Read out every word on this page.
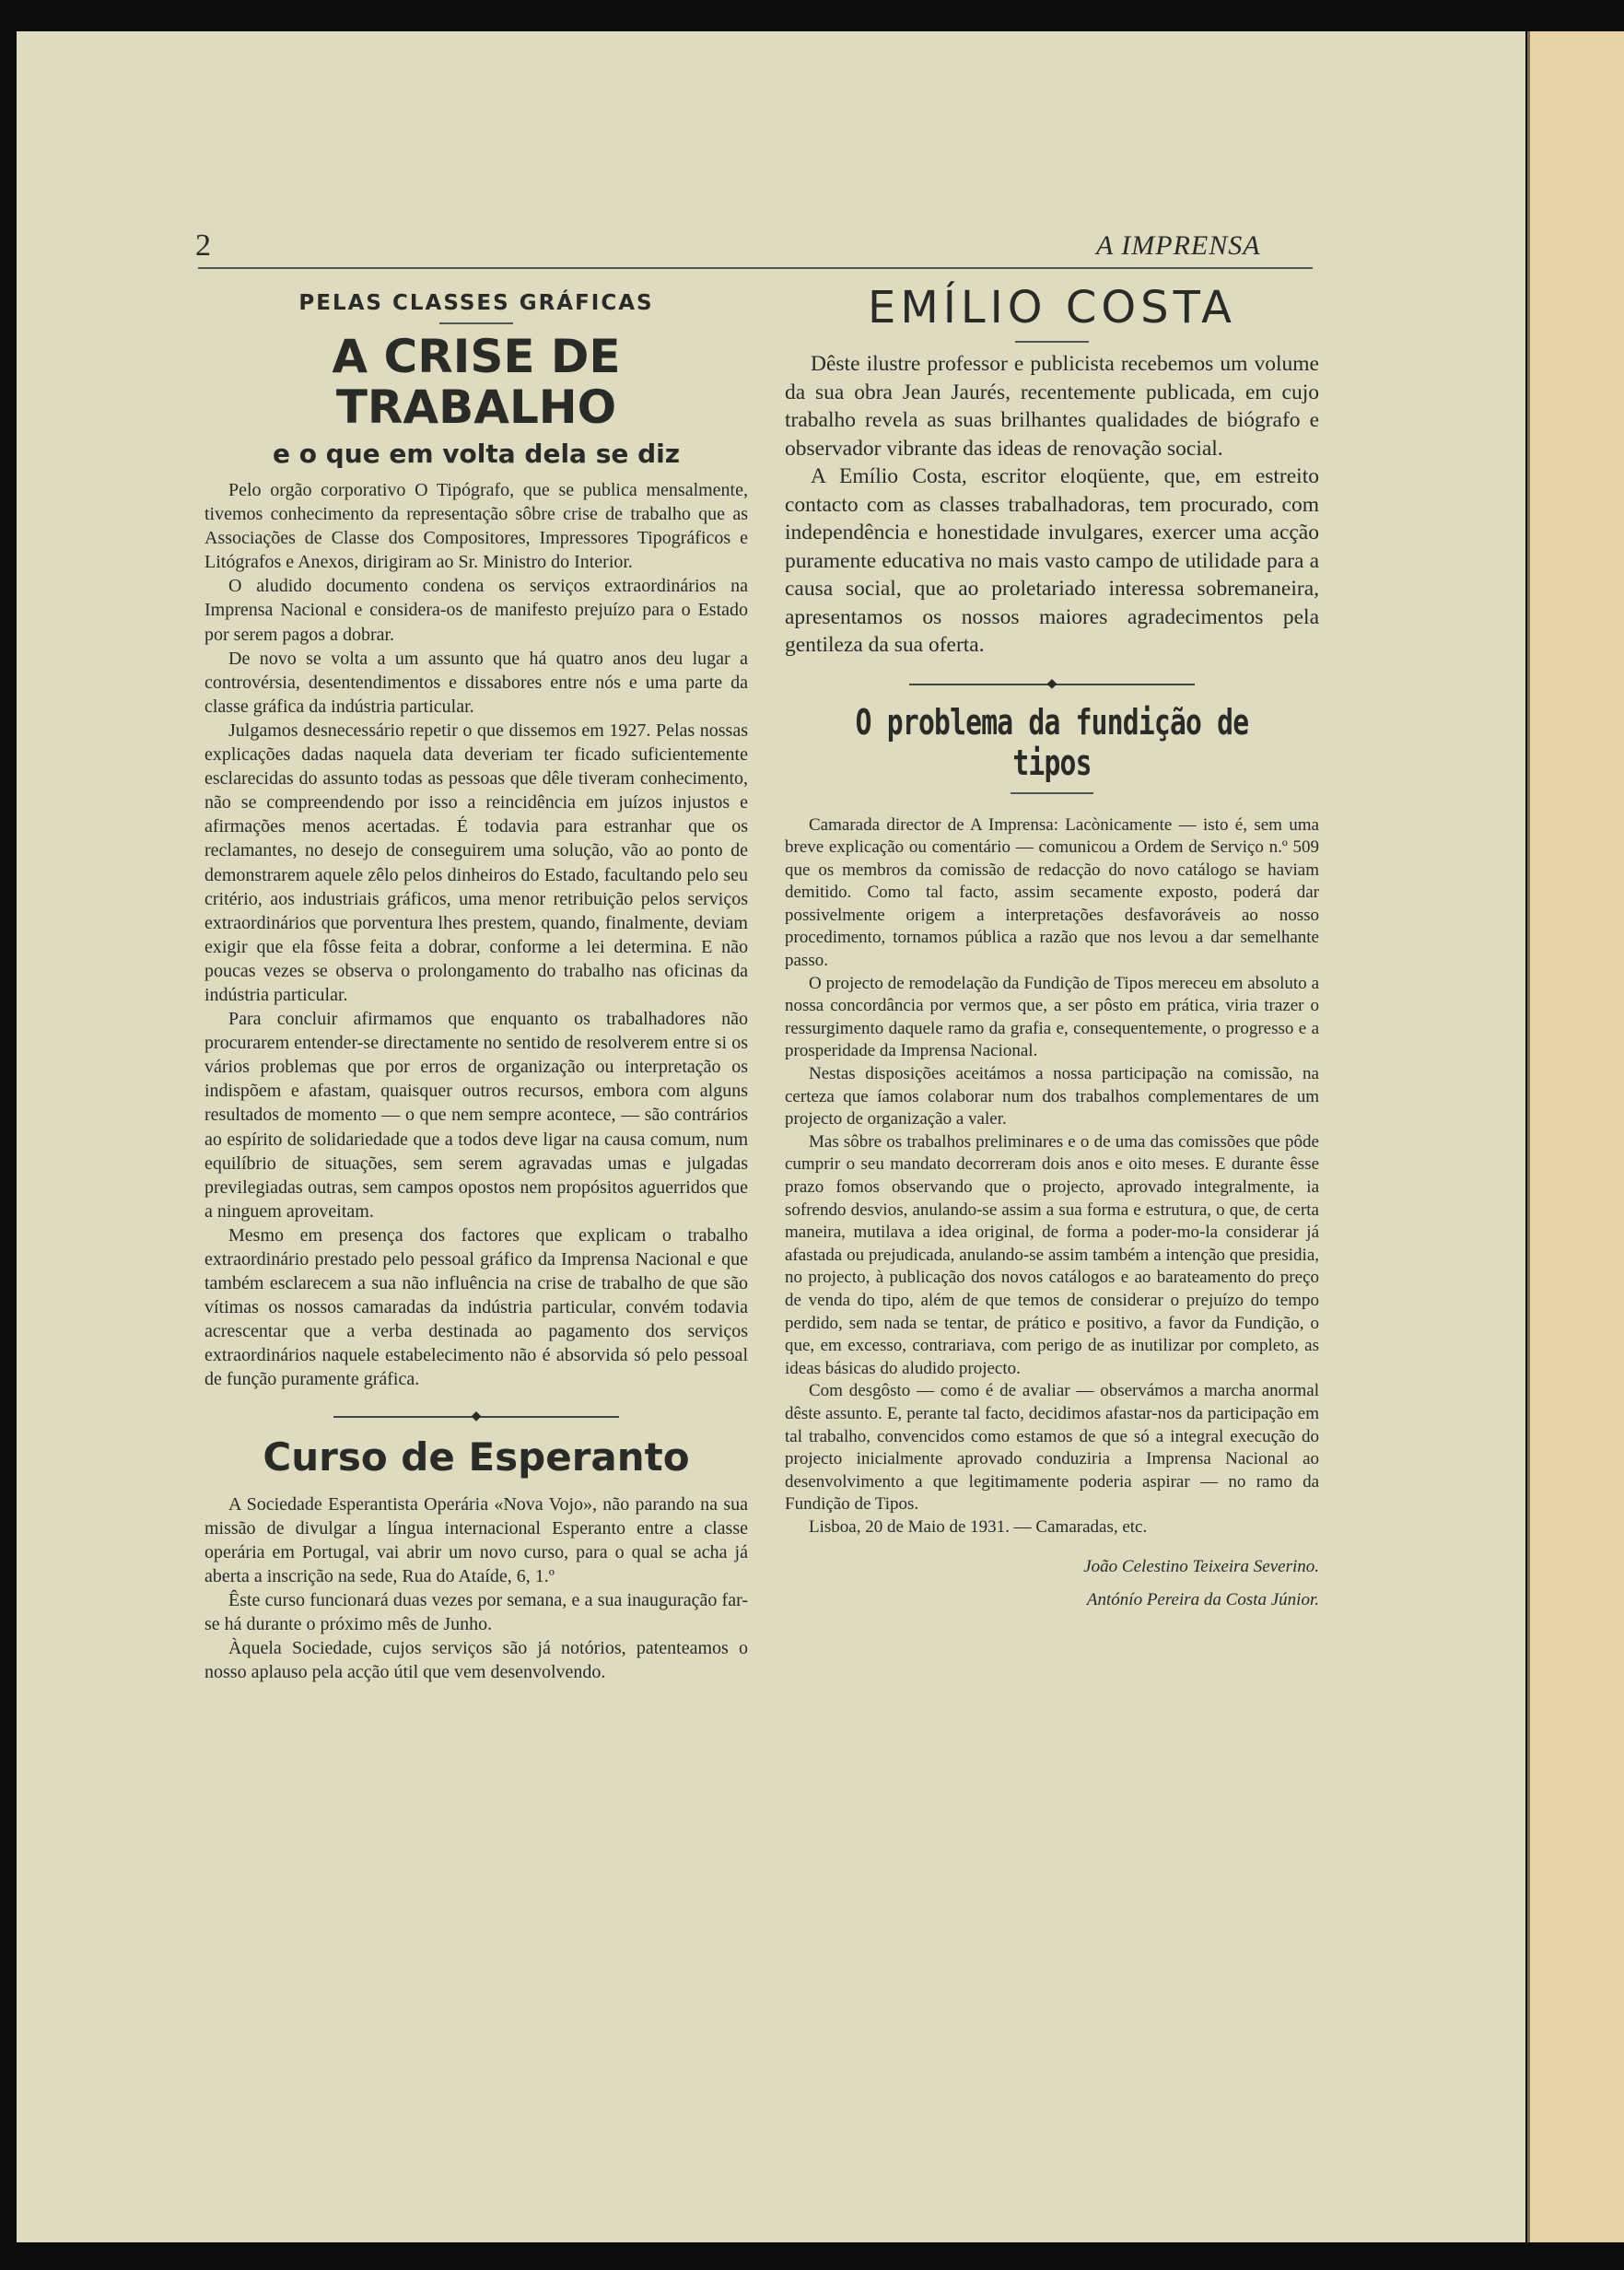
2	A IMPRENSA
PELAS CLASSES GRÁFICAS
A CRISE DE TRABALHO
e o que em volta dela se diz

Pelo orgão corporativo O Tipógrafo, que se publica mensalmente, tivemos conhecimento da representação sôbre crise de trabalho que as Associações de Classe dos Compositores, Impressores Tipográficos e Litógrafos e Anexos, dirigiram ao Sr. Ministro do Interior.

O aludido documento condena os serviços extraordinários na Imprensa Nacional e considera-os de manifesto prejuízo para o Estado por serem pagos a dobrar.

De novo se volta a um assunto que há quatro anos deu lugar a controvérsia, desentendimentos e dissabores entre nós e uma parte da classe gráfica da indústria particular.

Julgamos desnecessário repetir o que dissemos em 1927. Pelas nossas explicações dadas naquela data deveriam ter ficado suficientemente esclarecidas do assunto todas as pessoas que dêle tiveram conhecimento, não se compreendendo por isso a reincidência em juízos injustos e afirmações menos acertadas. É todavia para estranhar que os reclamantes, no desejo de conseguirem uma solução, vão ao ponto de demonstrarem aquele zêlo pelos dinheiros do Estado, facultando pelo seu critério, aos industriais gráficos, uma menor retribuição pelos serviços extraordinários que porventura lhes prestem, quando, finalmente, deviam exigir que ela fôsse feita a dobrar, conforme a lei determina. E não poucas vezes se observa o prolongamento do trabalho nas oficinas da indústria particular.

Para concluir afirmamos que enquanto os trabalhadores não procurarem entender-se directamente no sentido de resolverem entre si os vários problemas que por erros de organização ou interpretação os indispõem e afastam, quaisquer outros recursos, embora com alguns resultados de momento — o que nem sempre acontece, — são contrários ao espírito de solidariedade que a todos deve ligar na causa comum, num equilíbrio de situações, sem serem agravadas umas e julgadas previlegiadas outras, sem campos opostos nem propósitos aguerridos que a ninguem aproveitam.

Mesmo em presença dos factores que explicam o trabalho extraordinário prestado pelo pessoal gráfico da Imprensa Nacional e que também esclarecem a sua não influência na crise de trabalho de que são vítimas os nossos camaradas da indústria particular, convém todavia acrescentar que a verba destinada ao pagamento dos serviços extraordinários naquele estabelecimento não é absorvida só pelo pessoal de função puramente gráfica.

◆
Curso de Esperanto

A Sociedade Esperantista Operária «Nova Vojo», não parando na sua missão de divulgar a língua internacional Esperanto entre a classe operária em Portugal, vai abrir um novo curso, para o qual se acha já aberta a inscrição na sede, Rua do Ataíde, 6, 1.º

Êste curso funcionará duas vezes por semana, e a sua inauguração far-se há durante o próximo mês de Junho.

Àquela Sociedade, cujos serviços são já notórios, patenteamos o nosso aplauso pela acção útil que vem desenvolvendo.

EMÍLIO COSTA

Dêste ilustre professor e publicista recebemos um volume da sua obra Jean Jaurés, recentemente publicada, em cujo trabalho revela as suas brilhantes qualidades de biógrafo e observador vibrante das ideas de renovação social.

A Emílio Costa, escritor eloqüente, que, em estreito contacto com as classes trabalhadoras, tem procurado, com independência e honestidade invulgares, exercer uma acção puramente educativa no mais vasto campo de utilidade para a causa social, que ao proletariado interessa sobremaneira, apresentamos os nossos maiores agradecimentos pela gentileza da sua oferta.

◆
O problema da fundição de tipos

Camarada director de A Imprensa: Lacònicamente — isto é, sem uma breve explicação ou comentário — comunicou a Ordem de Serviço n.º 509 que os membros da comissão de redacção do novo catálogo se haviam demitido. Como tal facto, assim secamente exposto, poderá dar possivelmente origem a interpretações desfavoráveis ao nosso procedimento, tornamos pública a razão que nos levou a dar semelhante passo.

O projecto de remodelação da Fundição de Tipos mereceu em absoluto a nossa concordância por vermos que, a ser pôsto em prática, viria trazer o ressurgimento daquele ramo da grafia e, consequentemente, o progresso e a prosperidade da Imprensa Nacional.

Nestas disposições aceitámos a nossa participação na comissão, na certeza que íamos colaborar num dos trabalhos complementares de um projecto de organização a valer.

Mas sôbre os trabalhos preliminares e o de uma das comissões que pôde cumprir o seu mandato decorreram dois anos e oito meses. E durante êsse prazo fomos observando que o projecto, aprovado integralmente, ia sofrendo desvios, anulando-se assim a sua forma e estrutura, o que, de certa maneira, mutilava a idea original, de forma a poder-mo-la considerar já afastada ou prejudicada, anulando-se assim também a intenção que presidia, no projecto, à publicação dos novos catálogos e ao barateamento do preço de venda do tipo, além de que temos de considerar o prejuízo do tempo perdido, sem nada se tentar, de prático e positivo, a favor da Fundição, o que, em excesso, contrariava, com perigo de as inutilizar por completo, as ideas básicas do aludido projecto.

Com desgôsto — como é de avaliar — observámos a marcha anormal dêste assunto. E, perante tal facto, decidimos afastar-nos da participação em tal trabalho, convencidos como estamos de que só a integral execução do projecto inicialmente aprovado conduziria a Imprensa Nacional ao desenvolvimento a que legitimamente poderia aspirar — no ramo da Fundição de Tipos.

Lisboa, 20 de Maio de 1931. — Camaradas, etc.

João Celestino Teixeira Severino.
Antónío Pereira da Costa Júnior.
